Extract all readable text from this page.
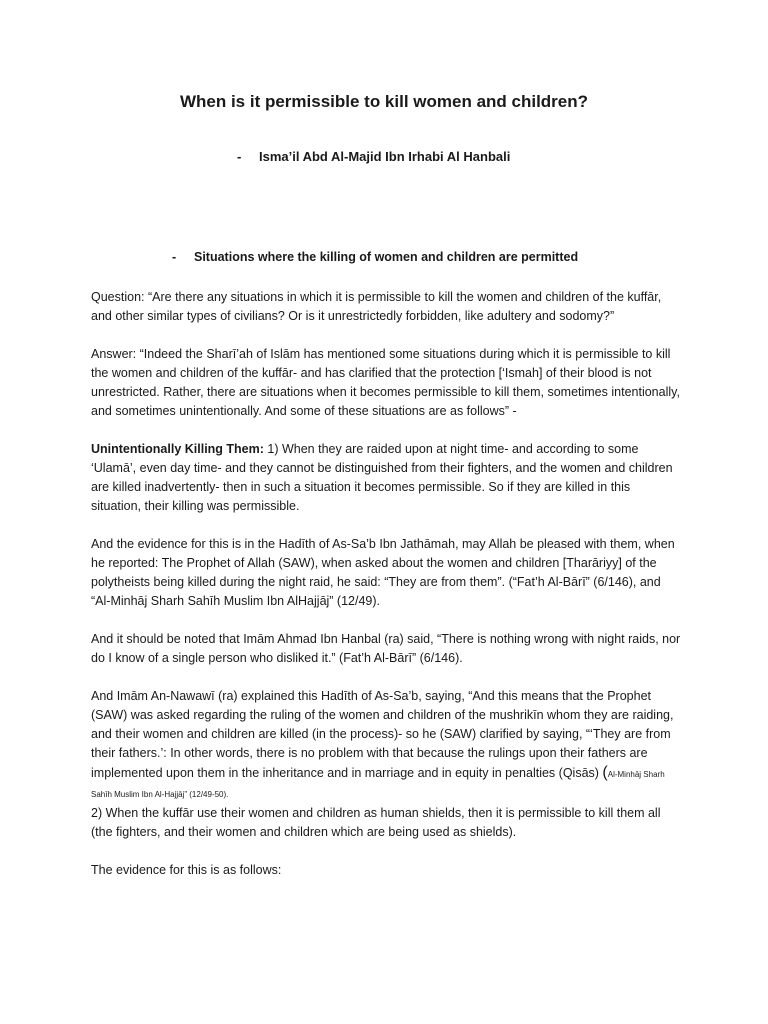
When is it permissible to kill women and children?
- Isma’il Abd Al-Majid Ibn Irhabi Al Hanbali
- Situations where the killing of women and children are permitted

Question: “Are there any situations in which it is permissible to kill the women and children of the kuffār, and other similar types of civilians? Or is it unrestrictedly forbidden, like adultery and sodomy?”

Answer: “Indeed the Sharī’ah of Islām has mentioned some situations during which it is permissible to kill the women and children of the kuffār- and has clarified that the protection [‘Ismah] of their blood is not unrestricted. Rather, there are situations when it becomes permissible to kill them, sometimes intentionally, and sometimes unintentionally. And some of these situations are as follows” -

Unintentionally Killing Them: 1) When they are raided upon at night time- and according to some ‘Ulamā’, even day time- and they cannot be distinguished from their fighters, and the women and children are killed inadvertently- then in such a situation it becomes permissible. So if they are killed in this situation, their killing was permissible.

And the evidence for this is in the Hadīth of As-Sa’b Ibn Jathāmah, may Allah be pleased with them, when he reported: The Prophet of Allah (SAW), when asked about the women and children [Tharāriyy] of the polytheists being killed during the night raid, he said: “They are from them”. (“Fat’h Al-Bārī” (6/146), and “Al-Minhāj Sharh Sahīh Muslim Ibn AlHajjāj” (12/49).

And it should be noted that Imām Ahmad Ibn Hanbal (ra) said, “There is nothing wrong with night raids, nor do I know of a single person who disliked it.” (Fat’h Al-Bārī” (6/146).

And Imām An-Nawawī (ra) explained this Hadīth of As-Sa’b, saying, “And this means that the Prophet (SAW) was asked regarding the ruling of the women and children of the mushrikīn whom they are raiding, and their women and children are killed (in the process)- so he (SAW) clarified by saying, “‘They are from their fathers.’: In other words, there is no problem with that because the rulings upon their fathers are implemented upon them in the inheritance and in marriage and in equity in penalties (Qisās) (Al-Minhāj Sharh Sahīh Muslim Ibn Al-Hajjāj” (12/49-50).

2) When the kuffār use their women and children as human shields, then it is permissible to kill them all (the fighters, and their women and children which are being used as shields).

The evidence for this is as follows:
